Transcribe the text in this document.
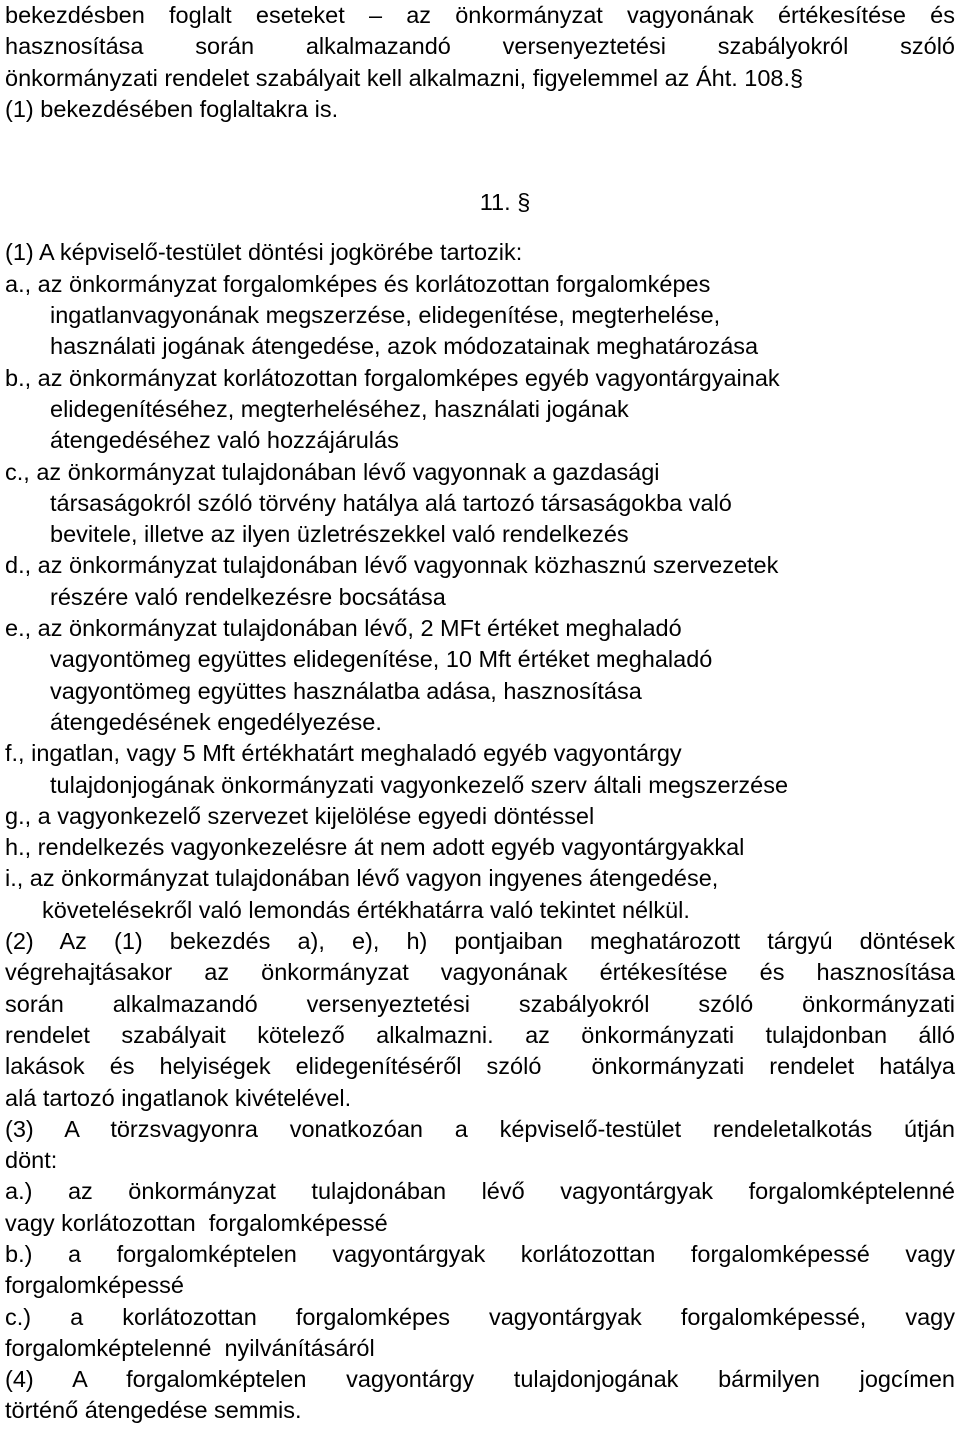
bekezdésben foglalt eseteket – az önkormányzat vagyonának értékesítése és
hasznosítása során alkalmazandó versenyeztetési szabályokról szóló
önkormányzati rendelet szabályait kell alkalmazni, figyelemmel az Áht. 108.§
(1) bekezdésében foglaltakra is.
11. §
(1) A képviselő-testület döntési jogkörébe tartozik:
a., az önkormányzat forgalomképes és korlátozottan forgalomképes
ingatlanvagyonának megszerzése, elidegenítése, megterhelése,
használati jogának átengedése, azok módozatainak meghatározása
b., az önkormányzat korlátozottan forgalomképes egyéb vagyontárgyainak
elidegenítéséhez, megterheléséhez, használati jogának
átengedéséhez való hozzájárulás
c., az önkormányzat tulajdonában lévő vagyonnak a gazdasági
társaságokról szóló törvény hatálya alá tartozó társaságokba való
bevitele, illetve az ilyen üzletrészekkel való rendelkezés
d., az önkormányzat tulajdonában lévő vagyonnak közhasznú szervezetek
részére való rendelkezésre bocsátása
e., az önkormányzat tulajdonában lévő, 2 MFt értéket meghaladó
vagyontömeg együttes elidegenítése, 10 Mft értéket meghaladó
vagyontömeg együttes használatba adása, hasznosítása
átengedésének engedélyezése.
f., ingatlan, vagy 5 Mft értékhatárt meghaladó egyéb vagyontárgy
tulajdonjogának önkormányzati vagyonkezelő szerv általi megszerzése
g., a vagyonkezelő szervezet kijelölése egyedi döntéssel
h., rendelkezés vagyonkezelésre át nem adott egyéb vagyontárgyakkal
i., az önkormányzat tulajdonában lévő vagyon ingyenes átengedése,
követelésekről való lemondás értékhatárra való tekintet nélkül.
(2) Az (1) bekezdés a), e), h) pontjaiban meghatározott tárgyú döntések
végrehajtásakor az önkormányzat vagyonának értékesítése és hasznosítása
során alkalmazandó versenyeztetési szabályokról szóló önkormányzati
rendelet szabályait kötelező alkalmazni. az önkormányzati tulajdonban álló
lakások és helyiségek elidegenítéséről szóló  önkormányzati rendelet hatálya
alá tartozó ingatlanok kivételével.
(3) A törzsvagyonra vonatkozóan a képviselő-testület rendeletalkotás útján
dönt:
a.) az önkormányzat tulajdonában lévő vagyontárgyak forgalomképtelenné
vagy korlátozottan  forgalomképessé
b.) a forgalomképtelen vagyontárgyak korlátozottan forgalomképessé vagy
forgalomképessé
c.) a korlátozottan forgalomképes vagyontárgyak forgalomképessé, vagy
forgalomképtelenné  nyilvánításáról
(4) A forgalomképtelen vagyontárgy tulajdonjogának bármilyen jogcímen
történő átengedése semmis.
